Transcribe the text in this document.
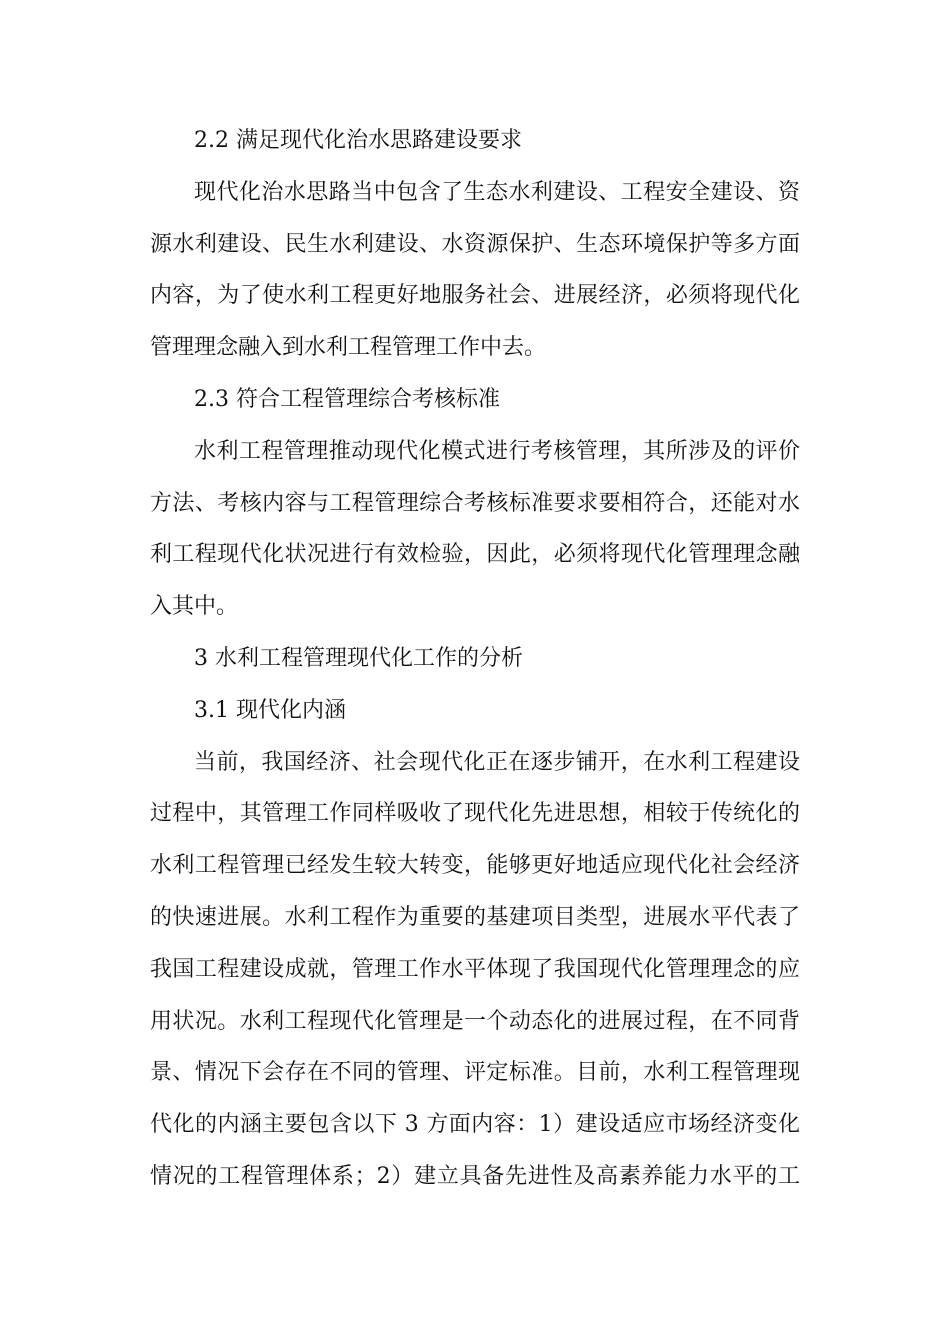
2.2 满足现代化治水思路建设要求
现代化治水思路当中包含了生态水利建设、工程安全建设、资
源水利建设、民生水利建设、水资源保护、生态环境保护等多方面
内容，为了使水利工程更好地服务社会、进展经济，必须将现代化
管理理念融入到水利工程管理工作中去。
2.3 符合工程管理综合考核标准
水利工程管理推动现代化模式进行考核管理，其所涉及的评价
方法、考核内容与工程管理综合考核标准要求要相符合，还能对水
利工程现代化状况进行有效检验，因此，必须将现代化管理理念融
入其中。
3 水利工程管理现代化工作的分析
3.1 现代化内涵
当前，我国经济、社会现代化正在逐步铺开，在水利工程建设
过程中，其管理工作同样吸收了现代化先进思想，相较于传统化的
水利工程管理已经发生较大转变，能够更好地适应现代化社会经济
的快速进展。水利工程作为重要的基建项目类型，进展水平代表了
我国工程建设成就，管理工作水平体现了我国现代化管理理念的应
用状况。水利工程现代化管理是一个动态化的进展过程，在不同背
景、情况下会存在不同的管理、评定标准。目前，水利工程管理现
代化的内涵主要包含以下 3 方面内容：1）建设适应市场经济变化
情况的工程管理体系；2）建立具备先进性及高素养能力水平的工
